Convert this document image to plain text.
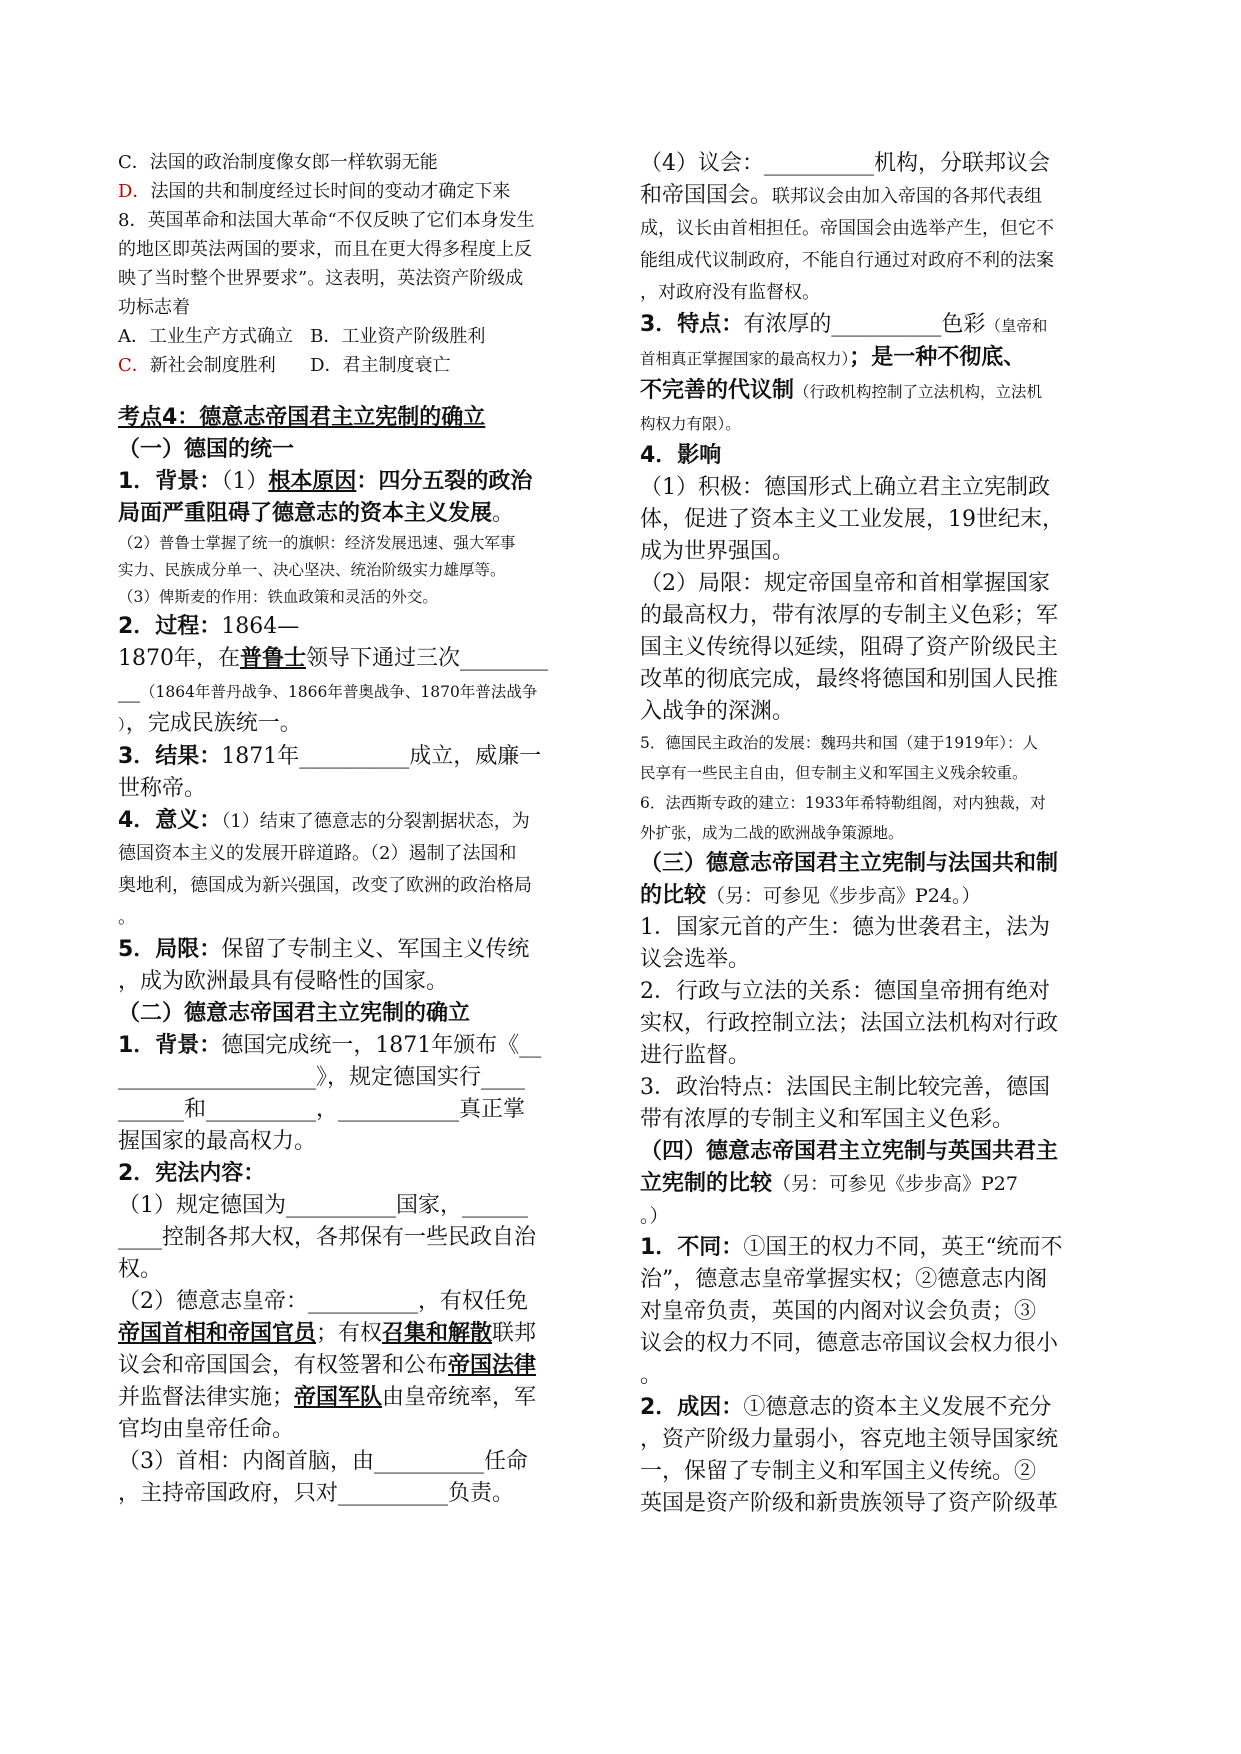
C．法国的政治制度像女郎一样软弱无能
D．法国的共和制度经过长时间的变动才确定下来
8．英国革命和法国大革命“不仅反映了它们本身发生
的地区即英法两国的要求，而且在更大得多程度上反
映了当时整个世界要求”。这表明，英法资产阶级成
功标志着
A．工业生产方式确立 B．工业资产阶级胜利
C．新社会制度胜利 D．君主制度衰亡
考点4：德意志帝国君主立宪制的确立
（一）德国的统一
1．背景：（1）根本原因：四分五裂的政治
局面严重阻碍了德意志的资本主义发展。
（2）普鲁士掌握了统一的旗帜：经济发展迅速、强大军事
实力、民族成分单一、决心坚决、统治阶级实力雄厚等。
（3）俾斯麦的作用：铁血政策和灵活的外交。
2．过程：1864—
1870年，在普鲁士领导下通过三次________
__（1864年普丹战争、1866年普奥战争、1870年普法战争
），完成民族统一。
3．结果：1871年__________成立，威廉一
世称帝。
4．意义：（1）结束了德意志的分裂割据状态，为
德国资本主义的发展开辟道路。（2）遏制了法国和
奥地利，德国成为新兴强国，改变了欧洲的政治格局
。
5．局限：保留了专制主义、军国主义传统
，成为欧洲最具有侵略性的国家。
（二）德意志帝国君主立宪制的确立
1．背景：德国完成统一，1871年颁布《__
__________________》，规定德国实行____
______和__________，___________真正掌
握国家的最高权力。
2．宪法内容：
（1）规定德国为__________国家，______
____控制各邦大权，各邦保有一些民政自治
权。
（2）德意志皇帝：__________，有权任免
帝国首相和帝国官员；有权召集和解散联邦
议会和帝国国会，有权签署和公布帝国法律
并监督法律实施；帝国军队由皇帝统率，军
官均由皇帝任命。
（3）首相：内阁首脑，由__________任命
，主持帝国政府，只对__________负责。
（4）议会：__________机构，分联邦议会
和帝国国会。联邦议会由加入帝国的各邦代表组
成，议长由首相担任。帝国国会由选举产生，但它不
能组成代议制政府，不能自行通过对政府不利的法案
，对政府没有监督权。
3．特点：有浓厚的__________色彩（皇帝和
首相真正掌握国家的最高权力）；是一种不彻底、
不完善的代议制（行政机构控制了立法机构，立法机
构权力有限）。
4．影响
（1）积极：德国形式上确立君主立宪制政
体，促进了资本主义工业发展，19世纪末，
成为世界强国。
（2）局限：规定帝国皇帝和首相掌握国家
的最高权力，带有浓厚的专制主义色彩；军
国主义传统得以延续，阻碍了资产阶级民主
改革的彻底完成，最终将德国和别国人民推
入战争的深渊。
5．德国民主政治的发展：魏玛共和国（建于1919年）：人
民享有一些民主自由，但专制主义和军国主义残余较重。
6．法西斯专政的建立：1933年希特勒组阁，对内独裁，对
外扩张，成为二战的欧洲战争策源地。
（三）德意志帝国君主立宪制与法国共和制
的比较（另：可参见《步步高》P24。）
1．国家元首的产生：德为世袭君主，法为
议会选举。
2．行政与立法的关系：德国皇帝拥有绝对
实权，行政控制立法；法国立法机构对行政
进行监督。
3．政治特点：法国民主制比较完善，德国
带有浓厚的专制主义和军国主义色彩。
（四）德意志帝国君主立宪制与英国共君主
立宪制的比较（另：可参见《步步高》P27
。）
1．不同：①国王的权力不同，英王“统而不
治”，德意志皇帝掌握实权；②德意志内阁
对皇帝负责，英国的内阁对议会负责；③
议会的权力不同，德意志帝国议会权力很小
。
2．成因：①德意志的资本主义发展不充分
，资产阶级力量弱小，容克地主领导国家统
一，保留了专制主义和军国主义传统。②
英国是资产阶级和新贵族领导了资产阶级革
